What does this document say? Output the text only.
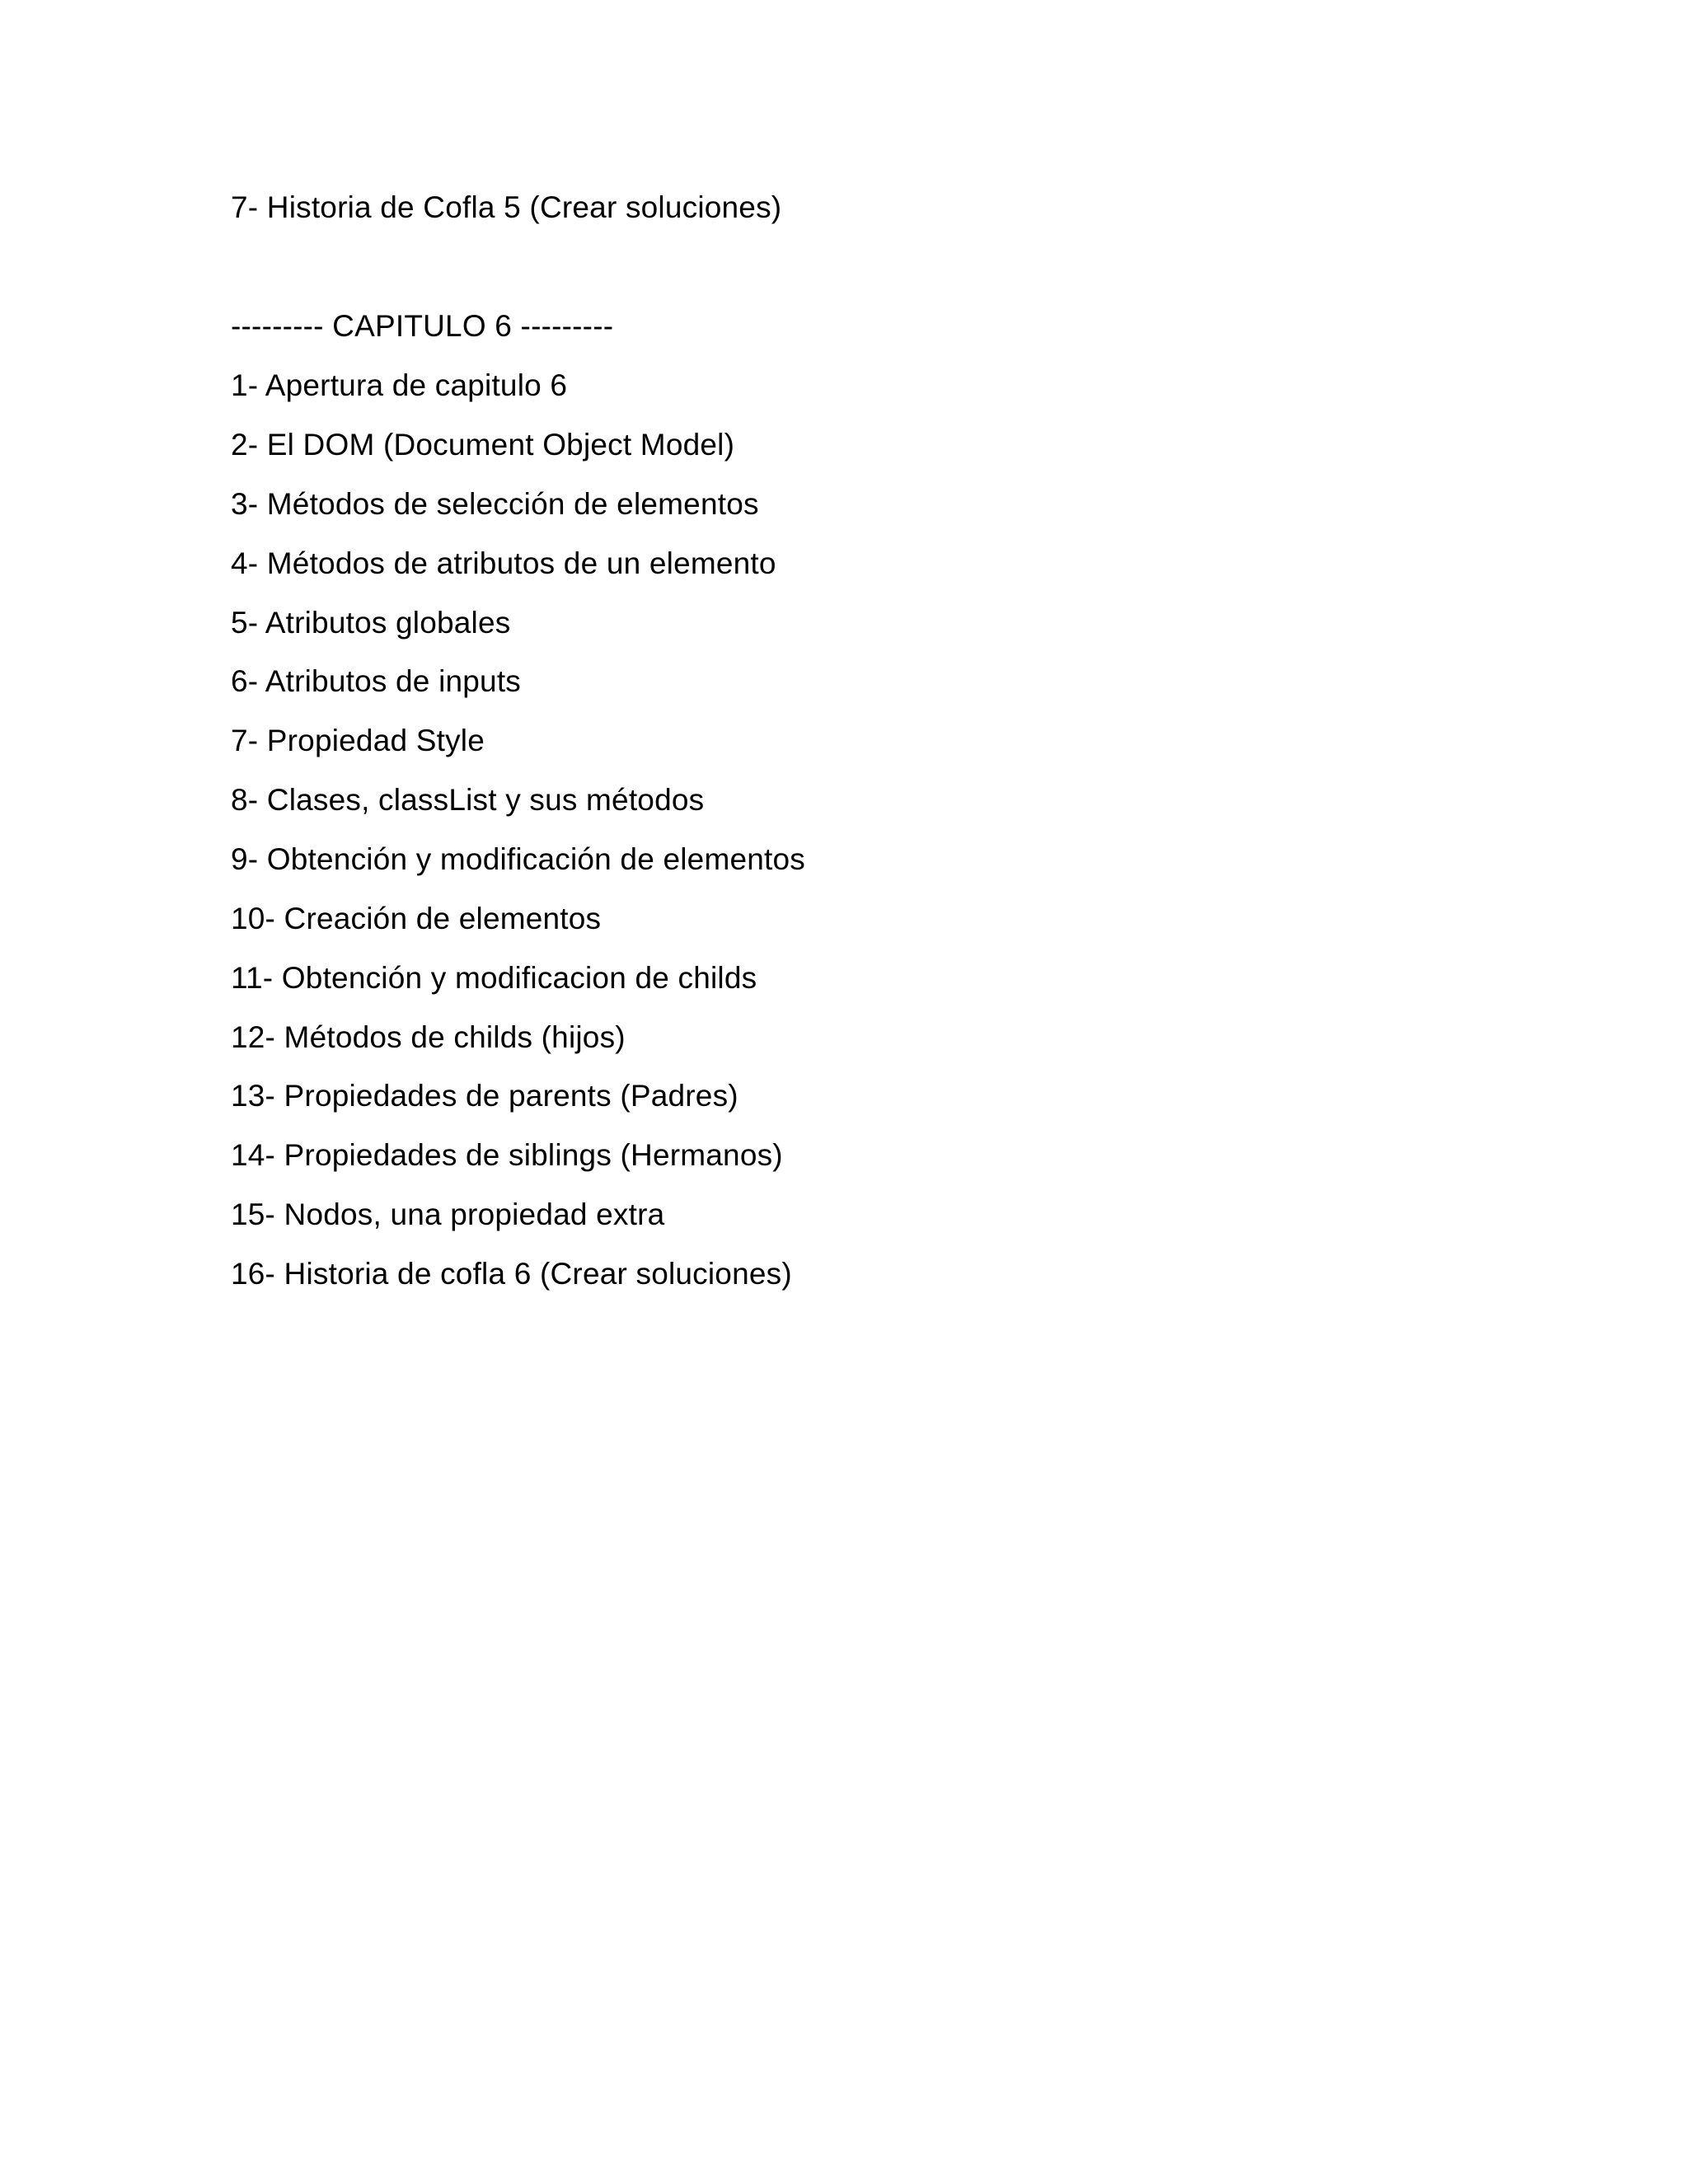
7- Historia de Cofla 5 (Crear soluciones)
--------- CAPITULO 6 ---------
1- Apertura de capitulo 6
2- El DOM (Document Object Model)
3- Métodos de selección de elementos
4- Métodos de atributos de un elemento
5- Atributos globales
6- Atributos de inputs
7- Propiedad Style
8- Clases, classList y sus métodos
9- Obtención y modificación de elementos
10- Creación de elementos
11- Obtención y modificacion de childs
12- Métodos de childs (hijos)
13- Propiedades de parents (Padres)
14- Propiedades de siblings (Hermanos)
15- Nodos, una propiedad extra
16- Historia de cofla 6 (Crear soluciones)
